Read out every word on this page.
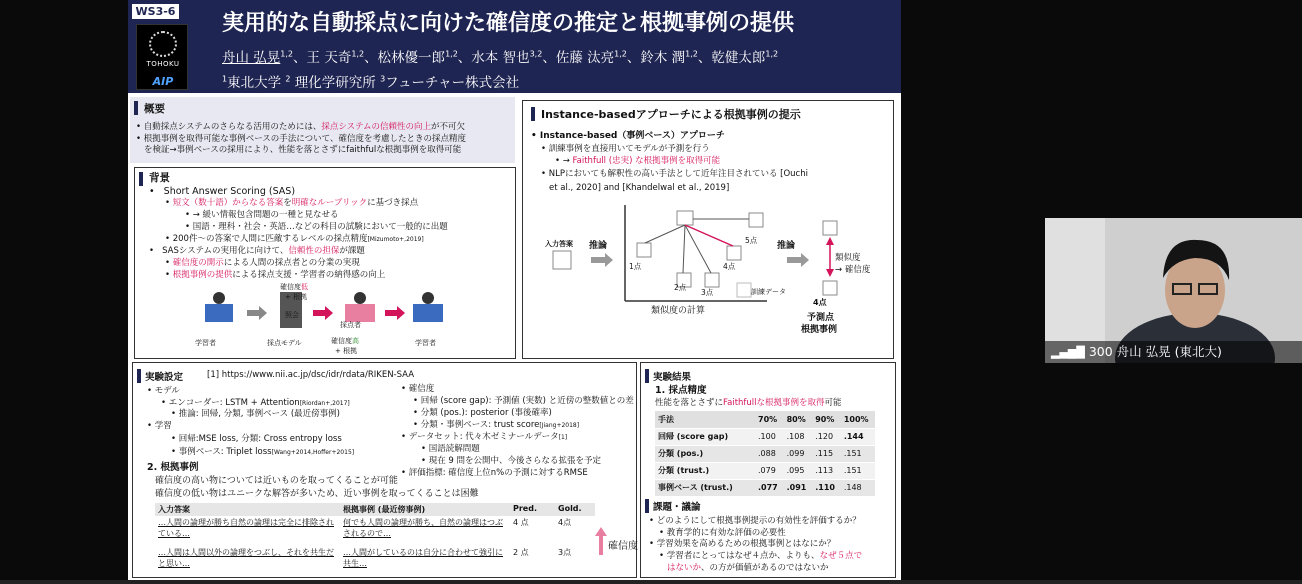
WS3-6
TOHOKU
AIP
実用的な自動採点に向けた確信度の推定と根拠事例の提供
舟山 弘晃$^{1,2}$、王 天奇$^{1,2}$、松林優一郎$^{1,2}$、水本 智也$^{3,2}$、佐藤 汰亮$^{1,2}$、鈴木 潤$^{1,2}$、乾健太郎$^{1,2}$
$^1$東北大学 $^2$ 理化学研究所 $^3$フューチャー株式会社
概要
• 自動採点システムのさらなる活用のためには、採点システムの信頼性の向上が不可欠
• 根拠事例を取得可能な事例ベースの手法について、確信度を考慮したときの採点精度
を検証→事例ベースの採用により、性能を落とさずにfaithfulな根拠事例を取得可能
背景
•   Short Answer Scoring (SAS)
• 短文（数十語）からなる答案を明確なルーブリックに基づき採点
• → 緩い情報包含問題の一種と見なせる
• 国語・理科・社会・英語…などの科目の試験において一般的に出題
• 200件～の答案で人間に匹敵するレベルの採点精度[Mizumoto+,2019]
•   SASシステムの実用化に向けて、信頼性の担保が課題
• 確信度の開示による人間の採点者との分業の実現
• 根拠事例の提供による採点支援・学習者の納得感の向上
確信度低
+ 根拠
照会
学習者	採点モデル
採点者
確信度高
+ 根拠
学習者
Instance-basedアプローチによる根拠事例の提示
• Instance-based（事例ベース）アプローチ
• 訓練事例を直接用いてモデルが予測を行う
• → Faithfull (忠実) な根拠事例を取得可能
• NLPにおいても解釈性の高い手法として近年注目されている [Ouchi
et al., 2020] and [Khandelwal et al., 2019]
入力答案 推論
1点
2点
3点
4点
5点
訓練データ
類似度の計算
推論
類似度
→ 確信度
4点
予測点
根拠事例
実験設定	[1] https://www.nii.ac.jp/dsc/idr/rdata/RIKEN-SAA
• モデル
• エンコーダー: LSTM + Attention[Riordan+,2017]
• 推論: 回帰, 分類, 事例ベース (最近傍事例)
• 学習
• 回帰:MSE loss, 分類: Cross entropy loss
• 事例ベース: Triplet loss[Wang+2014,Hoffer+2015]
• 確信度
• 回帰 (score gap): 予測値 (実数) と近傍の整数値との差
• 分類 (pos.): posterior (事後確率)
• 分類・事例ベース: trust score[Jiang+2018]
• データセット: 代々木ゼミナールデータ[1]
• 国語読解問題
• 現在 9 問を公開中、今後さらなる拡張を予定
• 評価指標: 確信度上位n%の予測に対するRMSE
2. 根拠事例
確信度の高い物については近いものを取ってくることが可能
確信度の低い物はユニークな解答が多いため、近い事例を取ってくることは困難
入力答案	根拠事例 (最近傍事例)	Pred.	Gold.
…人間の論理が勝ち自然の論理は完全に排除されている…	何でも人間の論理が勝ち、自然の論理はつぶされるので…	4 点	4点
…人間は人間以外の論理をつぶし、それを共生だと思い…	…人間がしているのは自分に合わせて強引に共生…	2 点	3点
確信度
実験結果
1. 採点精度
性能を落とさずにFaithfullな根拠事例を取得可能
手法	70%	80%	90%	100%
回帰 (score gap)	.100	.108	.120	.144
分類 (pos.)	.088	.099	.115	.151
分類 (trust.)	.079	.095	.113	.151
事例ベース (trust.)	.077	.091	.110	.148
課題・議論
• どのようにして根拠事例提示の有効性を評価するか？
• 教育学的に有効な評価の必要性
• 学習効果を高めるための根拠事例とはなにか？
• 学習者にとってはなぜ４点か、よりも、なぜ５点で
はないか、の方が価値があるのではないか
▂▄▆█ 300 舟山 弘晃 (東北大)
